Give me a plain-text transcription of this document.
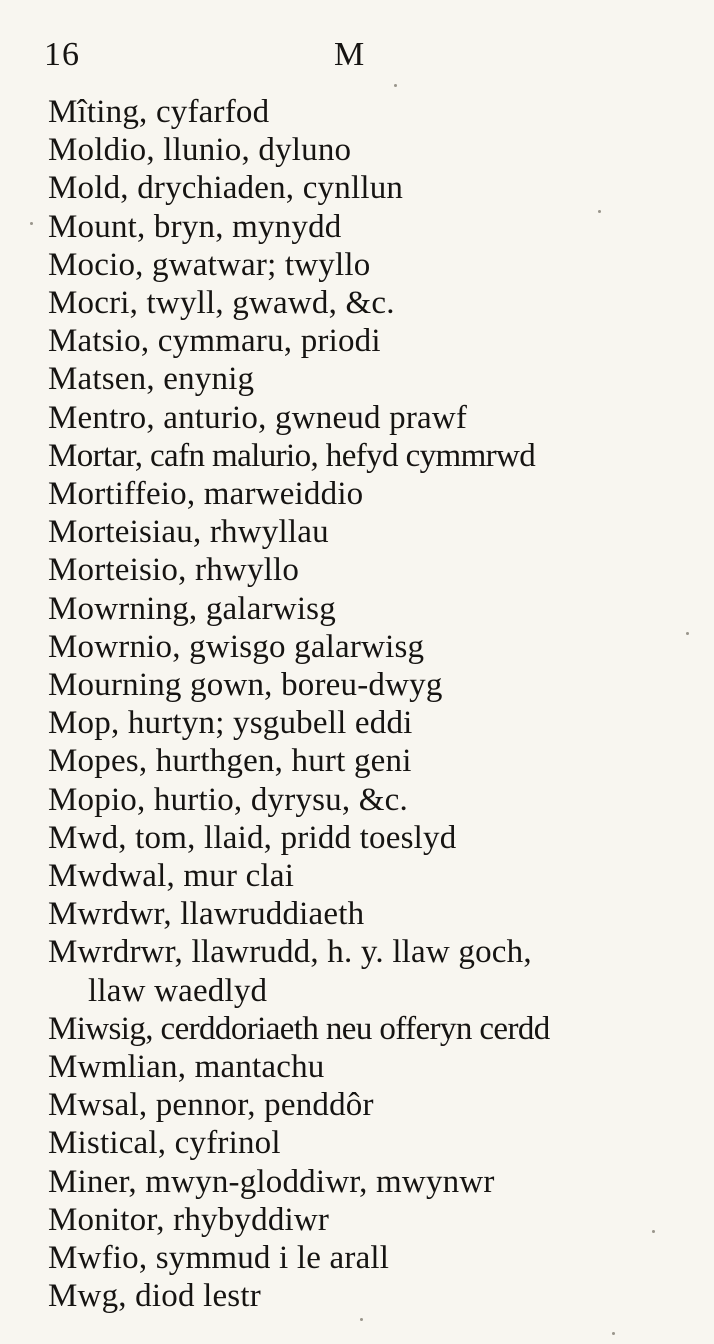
16	M
Mîting, cyfarfod
Moldio, llunio, dyluno
Mold, drychiaden, cynllun
Mount, bryn, mynydd
Mocio, gwatwar; twyllo
Mocri, twyll, gwawd, &c.
Matsio, cymmaru, priodi
Matsen, enynig
Mentro, anturio, gwneud prawf
Mortar, cafn malurio, hefyd cymmrwd
Mortiffeio, marweiddio
Morteisiau, rhwyllau
Morteisio, rhwyllo
Mowrning, galarwisg
Mowrnio, gwisgo galarwisg
Mourning gown, boreu-dwyg
Mop, hurtyn; ysgubell eddi
Mopes, hurthgen, hurt geni
Mopio, hurtio, dyrysu, &c.
Mwd, tom, llaid, pridd toeslyd
Mwdwal, mur clai
Mwrdwr, llawruddiaeth
Mwrdrwr, llawrudd, h. y. llaw goch,
llaw waedlyd
Miwsig, cerddoriaeth neu offeryn cerdd
Mwmlian, mantachu
Mwsal, pennor, penddôr
Mistical, cyfrinol
Miner, mwyn-gloddiwr, mwynwr
Monitor, rhybyddiwr
Mwfio, symmud i le arall
Mwg, diod lestr
